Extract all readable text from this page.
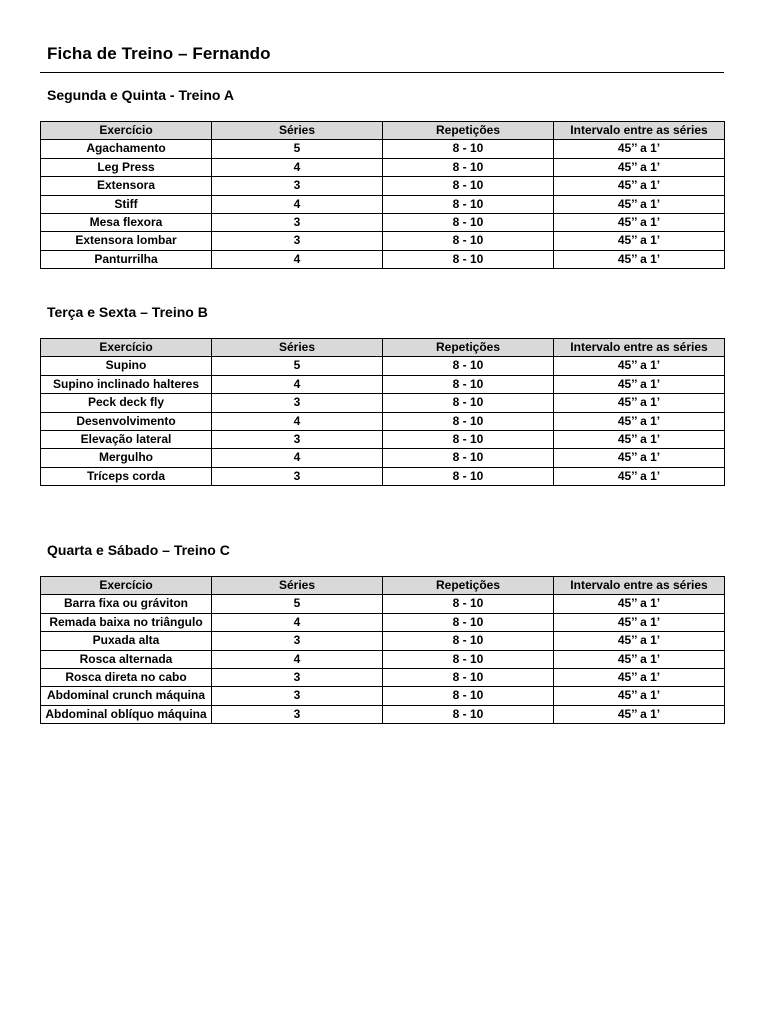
Ficha de Treino – Fernando
Segunda e Quinta - Treino A
Exercício	Séries	Repetições	Intervalo entre as séries
Agachamento	5	8 - 10	45’’ a 1’
Leg Press	4	8 - 10	45’’ a 1’
Extensora	3	8 - 10	45’’ a 1’
Stiff	4	8 - 10	45’’ a 1’
Mesa flexora	3	8 - 10	45’’ a 1’
Extensora lombar	3	8 - 10	45’’ a 1’
Panturrilha	4	8 - 10	45’’ a 1’
Terça e Sexta – Treino B
Exercício	Séries	Repetições	Intervalo entre as séries
Supino	5	8 - 10	45’’ a 1’
Supino inclinado halteres	4	8 - 10	45’’ a 1’
Peck deck fly	3	8 - 10	45’’ a 1’
Desenvolvimento	4	8 - 10	45’’ a 1’
Elevação lateral	3	8 - 10	45’’ a 1’
Mergulho	4	8 - 10	45’’ a 1’
Tríceps corda	3	8 - 10	45’’ a 1’
Quarta e Sábado – Treino C
Exercício	Séries	Repetições	Intervalo entre as séries
Barra fixa ou gráviton	5	8 - 10	45’’ a 1’
Remada baixa no triângulo	4	8 - 10	45’’ a 1’
Puxada alta	3	8 - 10	45’’ a 1’
Rosca alternada	4	8 - 10	45’’ a 1’
Rosca direta no cabo	3	8 - 10	45’’ a 1’
Abdominal crunch máquina	3	8 - 10	45’’ a 1’
Abdominal oblíquo máquina	3	8 - 10	45’’ a 1’
